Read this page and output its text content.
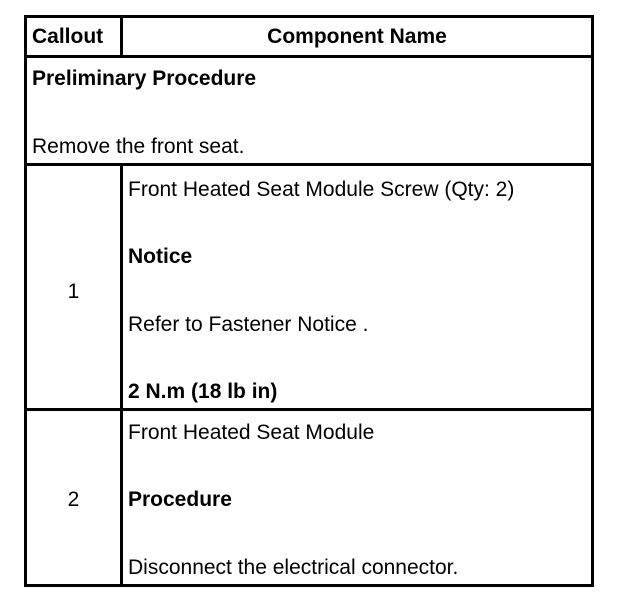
Callout	Component Name
Preliminary Procedure
Remove the front seat.
1
Front Heated Seat Module Screw (Qty: 2)
Notice
Refer to Fastener Notice .
2 N.m (18 lb in)
2
Front Heated Seat Module
Procedure
Disconnect the electrical connector.
